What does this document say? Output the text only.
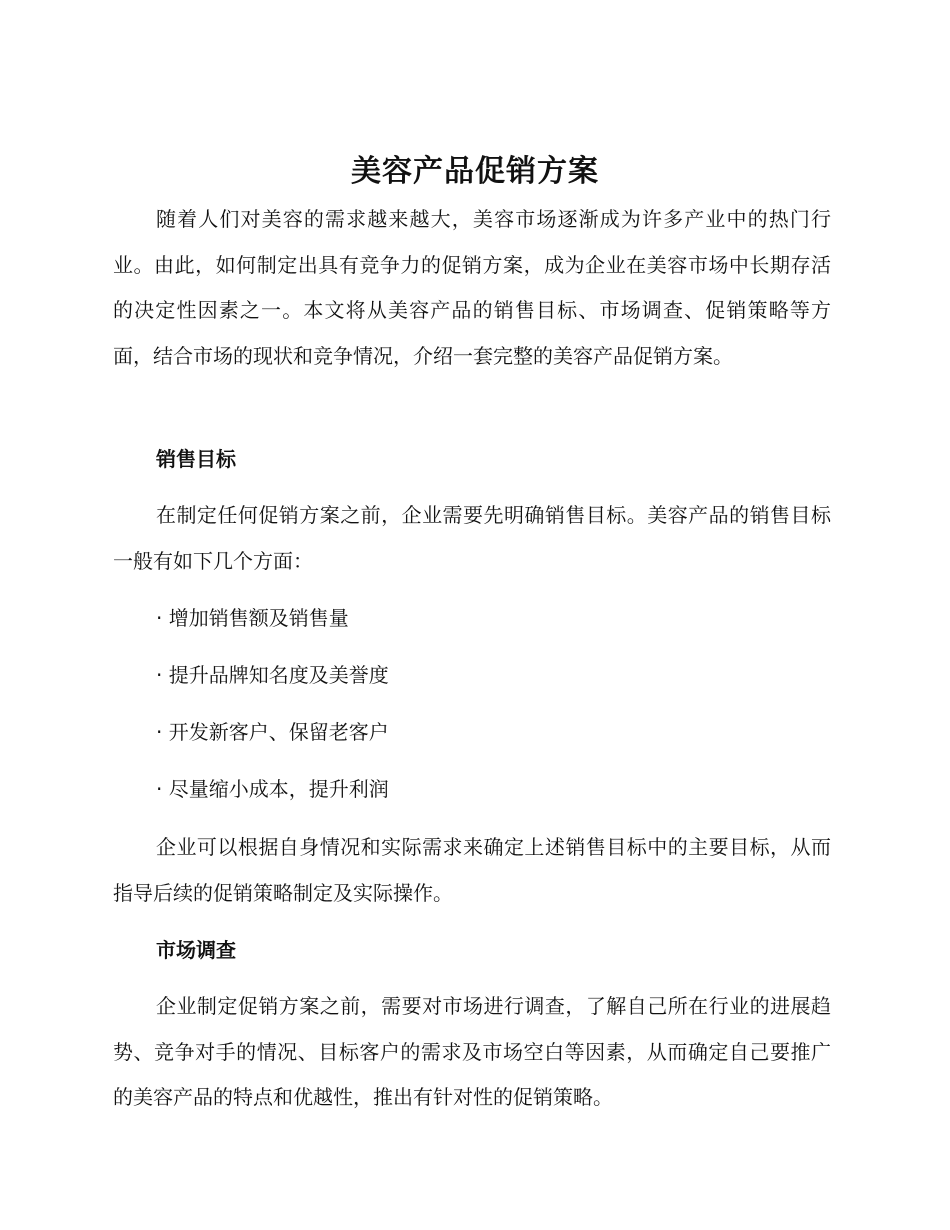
美容产品促销方案

随着人们对美容的需求越来越大，美容市场逐渐成为许多产业中的热门行业。由此，如何制定出具有竞争力的促销方案，成为企业在美容市场中长期存活的决定性因素之一。本文将从美容产品的销售目标、市场调查、促销策略等方面，结合市场的现状和竞争情况，介绍一套完整的美容产品促销方案。

销售目标

在制定任何促销方案之前，企业需要先明确销售目标。美容产品的销售目标一般有如下几个方面：

· 增加销售额及销售量

· 提升品牌知名度及美誉度

· 开发新客户、保留老客户

· 尽量缩小成本，提升利润

企业可以根据自身情况和实际需求来确定上述销售目标中的主要目标，从而指导后续的促销策略制定及实际操作。

市场调查

企业制定促销方案之前，需要对市场进行调查，了解自己所在行业的进展趋势、竞争对手的情况、目标客户的需求及市场空白等因素，从而确定自己要推广的美容产品的特点和优越性，推出有针对性的促销策略。
